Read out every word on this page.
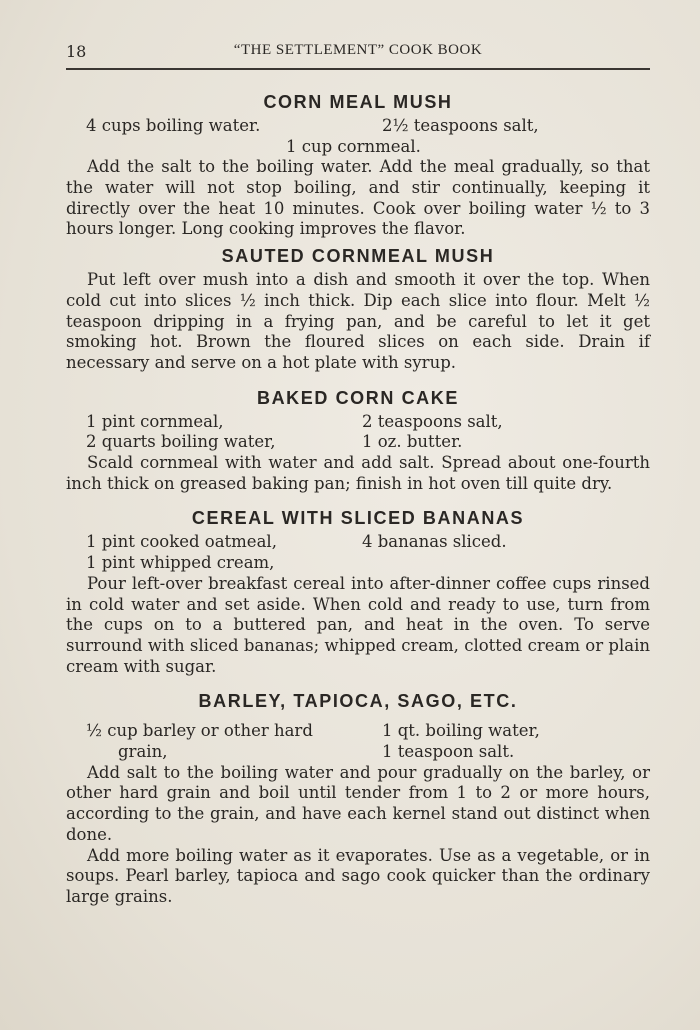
18	“THE SETTLEMENT” COOK BOOK
CORN MEAL MUSH
4 cups boiling water.	2½ teaspoons salt,
1 cup cornmeal.

Add the salt to the boiling water. Add the meal gradually, so that the water will not stop boiling, and stir continually, keeping it directly over the heat 10 minutes. Cook over boiling water ½ to 3 hours longer. Long cooking improves the flavor.

SAUTED CORNMEAL MUSH

Put left over mush into a dish and smooth it over the top. When cold cut into slices ½ inch thick. Dip each slice into flour. Melt ½ teaspoon dripping in a frying pan, and be careful to let it get smoking hot. Brown the floured slices on each side. Drain if necessary and serve on a hot plate with syrup.

BAKED CORN CAKE
1 pint cornmeal,	2 teaspoons salt,
2 quarts boiling water,	1 oz. butter.

Scald cornmeal with water and add salt. Spread about one-fourth inch thick on greased baking pan; finish in hot oven till quite dry.

CEREAL WITH SLICED BANANAS
1 pint cooked oatmeal,	4 bananas sliced.
1 pint whipped cream,

Pour left-over breakfast cereal into after-dinner coffee cups rinsed in cold water and set aside. When cold and ready to use, turn from the cups on to a buttered pan, and heat in the oven. To serve surround with sliced bananas; whipped cream, clotted cream or plain cream with sugar.

BARLEY, TAPIOCA, SAGO, ETC.
½ cup barley or other hard	1 qt. boiling water,
grain,	1 teaspoon salt.

Add salt to the boiling water and pour gradually on the barley, or other hard grain and boil until tender from 1 to 2 or more hours, according to the grain, and have each kernel stand out distinct when done.

Add more boiling water as it evaporates. Use as a vegetable, or in soups. Pearl barley, tapioca and sago cook quicker than the ordinary large grains.
